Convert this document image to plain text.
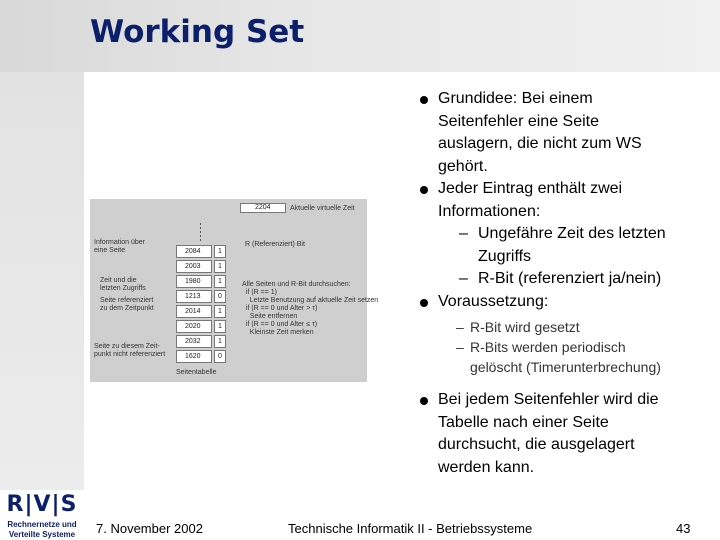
Working Set
2204	Aktuelle virtuelle Zeit
Information über
eine Seite
Zeit und die
letzten Zugriffs
Seite referenziert
zu dem Zeitpunkt
Seite zu diesem Zeit-
punkt nicht referenziert
R (Referenziert) Bit
2084 1
2003 1
1980 1
1213 0
2014 1
2020 1
2032 1
1620 0
Seitentabelle
Alle Seiten und R-Bit durchsuchen:
if (R == 1)
Letzte Benutzung auf aktuelle Zeit setzen
if (R == 0 und Alter > τ)
Seite entfernen
if (R == 0 und Alter ≤ τ)
Kleinste Zeit merken
Grundidee: Bei einem
Seitenfehler eine Seite
auslagern, die nicht zum WS
gehört.
Jeder Eintrag enthält zwei
Informationen:
– Ungefähre Zeit des letzten
Zugriffs
– R-Bit (referenziert ja/nein)
Voraussetzung:
– R-Bit wird gesetzt
– R-Bits werden periodisch
gelöscht (Timerunterbrechung)
Bei jedem Seitenfehler wird die
Tabelle nach einer Seite
durchsucht, die ausgelagert
werden kann.
R|V|S
Rechnernetze und
Verteilte Systeme	7. November 2002	Technische Informatik II - Betriebssysteme	43
